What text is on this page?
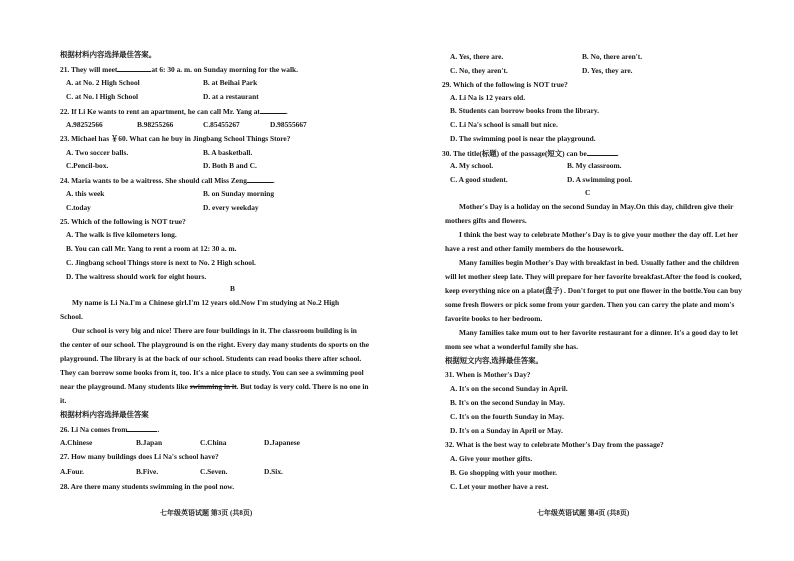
根据材料内容选择最佳答案。
21. They will meet	at 6: 30 a. m. on Sunday morning for the walk.
A. at No. 2 High School	B. at Beihai Park
C. at No. l High School	D. at a restaurant
22. If Li Ke wants to rent an apartment, he can call Mr. Yang at	.
A.98252566	B.98255266	C.85455267	D.98555667
23. Michael has ￥60. What can he buy in Jingbang School Things Store?
A. Two soccer balls.	B. A basketball.
C.Pencil-box.	D. Both B and C.
24. Maria wants to be a waitress. She should call Miss Zeng	.
A. this week	B. on Sunday morning
C.today	D. every weekday
25. Which of the following is NOT true?
A. The walk is five kilometers long.
B. You can call Mr. Yang to rent a room at 12: 30 a. m.
C. Jingbang school Things store is next to No. 2 High school.
D. The waitress should work for eight hours.
B
My name is Li Na.I'm a Chinese girl.I'm 12 years old.Now I'm studying at No.2 High
School.
Our school is very big and nice! There are four buildings in it. The classroom building is in
the center of our school. The playground is on the right. Every day many students do sports on the
playground. The library is at the back of our school. Students can read books there after school.
They can borrow some books from it, too. It's a nice place to study. You can see a swimming pool
near the playground. Many students like swimming in it. But today is very cold. There is no one in
it.
根据材料内容选择最佳答案
26. Li Na comes from	.
A.Chinese	B.Japan	C.China	D.Japanese
27. How many buildings does Li Na's school have?
A.Four.	B.Five.	C.Seven.	D.Six.
28. Are there many students swimming in the pool now.
七年级英语试题 第3页 (共8页)
A. Yes, there are.	B. No, there aren't.
C. No, they aren't.	D. Yes, they are.
29. Which of the following is NOT true?
A. Li Na is 12 years old.
B. Students can borrow books from the library.
C. Li Na's school is small but nice.
D. The swimming pool is near the playground.
30. The title(标题) of the passage(短文) can be	.
A. My school.	B. My classroom.
C. A good student.	D. A swimming pool.
C
Mother's Day is a holiday on the second Sunday in May.On this day, children give their
mothers gifts and flowers.
I think the best way to celebrate Mother's Day is to give your mother the day off. Let her
have a rest and other family members do the housework.
Many families begin Mother's Day with breakfast in bed. Usually father and the children
will let mother sleep late. They will prepare for her favorite breakfast.After the food is cooked,
keep everything nice on a plate(盘子) . Don't forget to put one flower in the bottle.You can buy
some fresh flowers or pick some from your garden. Then you can carry the plate and mom's
favorite books to her bedroom.
Many families take mum out to her favorite restaurant for a dinner. It's a good day to let
mom see what a wonderful family she has.
根据短文内容,选择最佳答案。
31. When is Mother's Day?
A. It's on the second Sunday in April.
B. It's on the second Sunday in May.
C. It's on the fourth Sunday in May.
D. It's on a Sunday in April or May.
32. What is the best way to celebrate Mother's Day from the passage?
A. Give your mother gifts.
B. Go shopping with your mother.
C. Let your mother have a rest.
七年级英语试题 第4页 (共8页)
